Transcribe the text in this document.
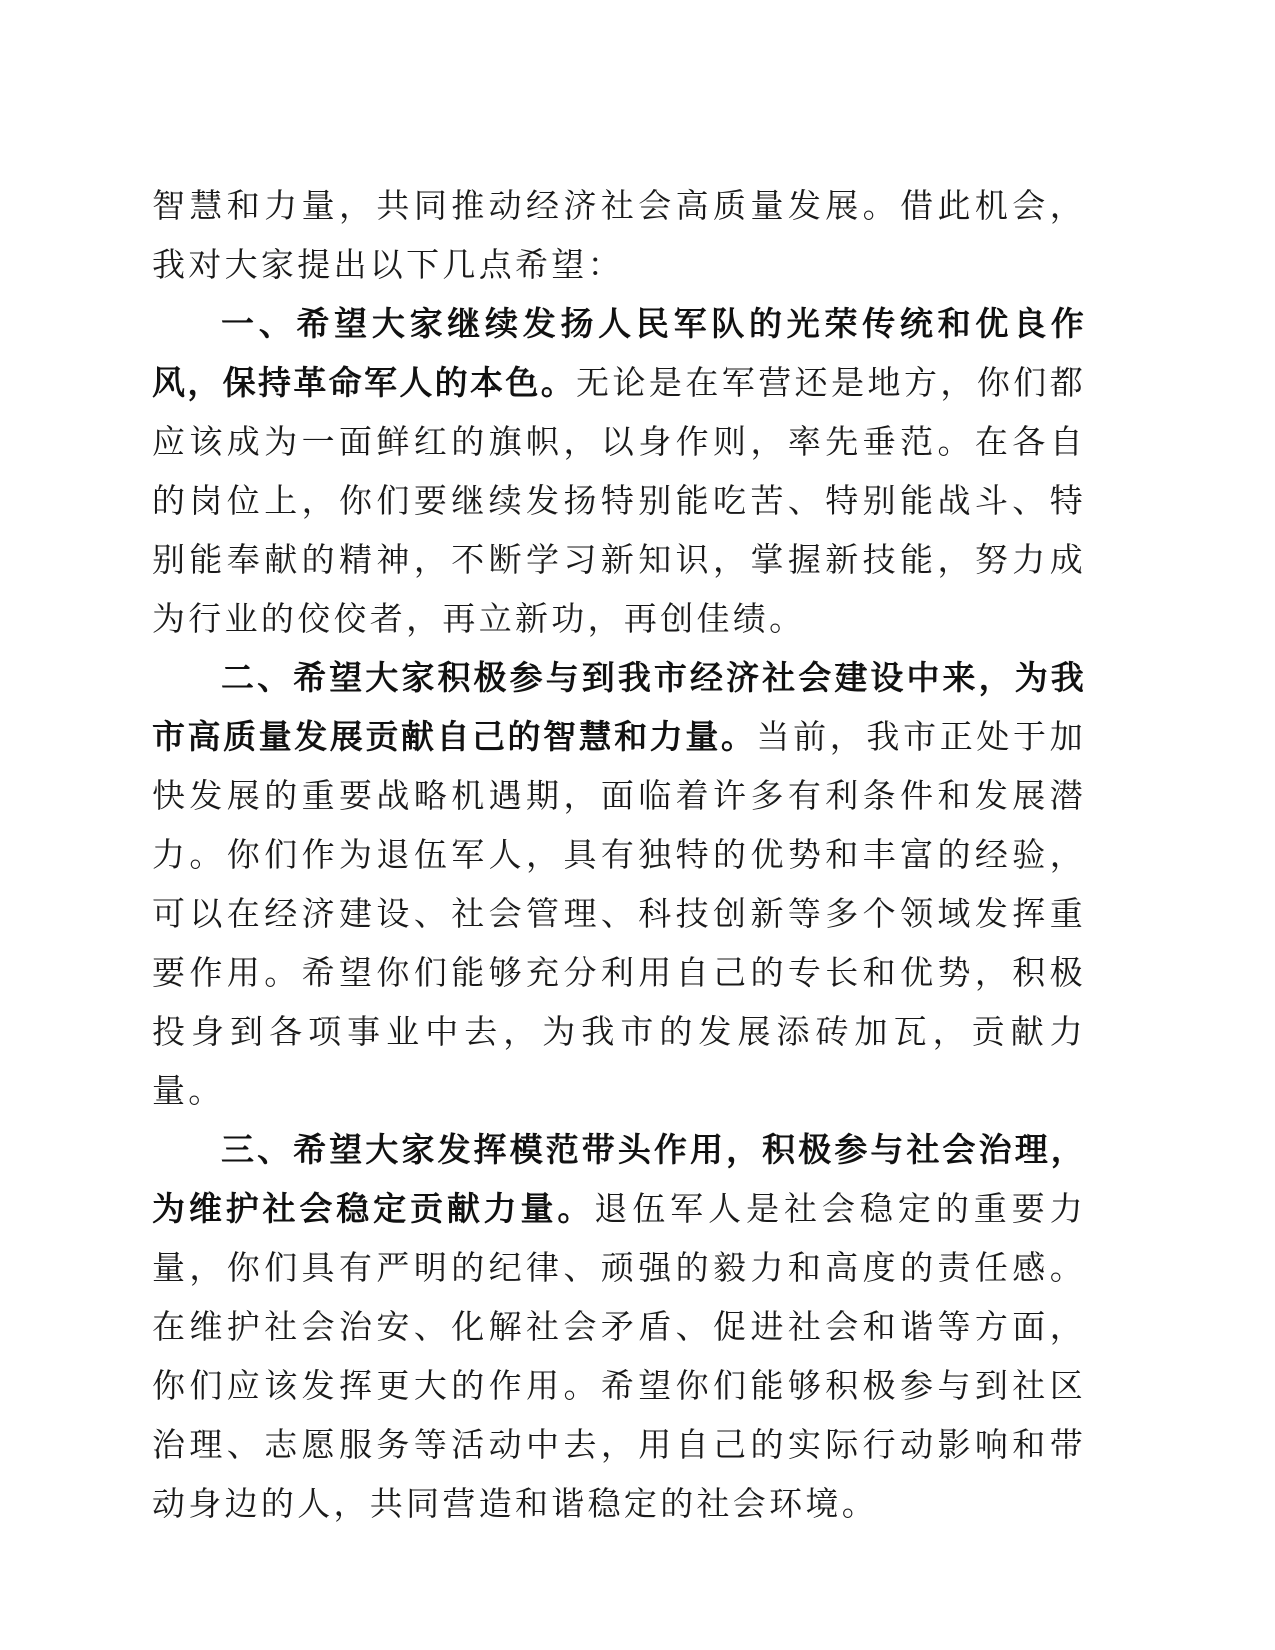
智慧和力量，共同推动经济社会高质量发展。借此机会，我对大家提出以下几点希望：

一、希望大家继续发扬人民军队的光荣传统和优良作风，保持革命军人的本色。无论是在军营还是地方，你们都应该成为一面鲜红的旗帜，以身作则，率先垂范。在各自的岗位上，你们要继续发扬特别能吃苦、特别能战斗、特别能奉献的精神，不断学习新知识，掌握新技能，努力成为行业的佼佼者，再立新功，再创佳绩。

二、希望大家积极参与到我市经济社会建设中来，为我市高质量发展贡献自己的智慧和力量。当前，我市正处于加快发展的重要战略机遇期，面临着许多有利条件和发展潜力。你们作为退伍军人，具有独特的优势和丰富的经验，可以在经济建设、社会管理、科技创新等多个领域发挥重要作用。希望你们能够充分利用自己的专长和优势，积极投身到各项事业中去，为我市的发展添砖加瓦，贡献力量。

三、希望大家发挥模范带头作用，积极参与社会治理，为维护社会稳定贡献力量。退伍军人是社会稳定的重要力量，你们具有严明的纪律、顽强的毅力和高度的责任感。在维护社会治安、化解社会矛盾、促进社会和谐等方面，你们应该发挥更大的作用。希望你们能够积极参与到社区治理、志愿服务等活动中去，用自己的实际行动影响和带动身边的人，共同营造和谐稳定的社会环境。
